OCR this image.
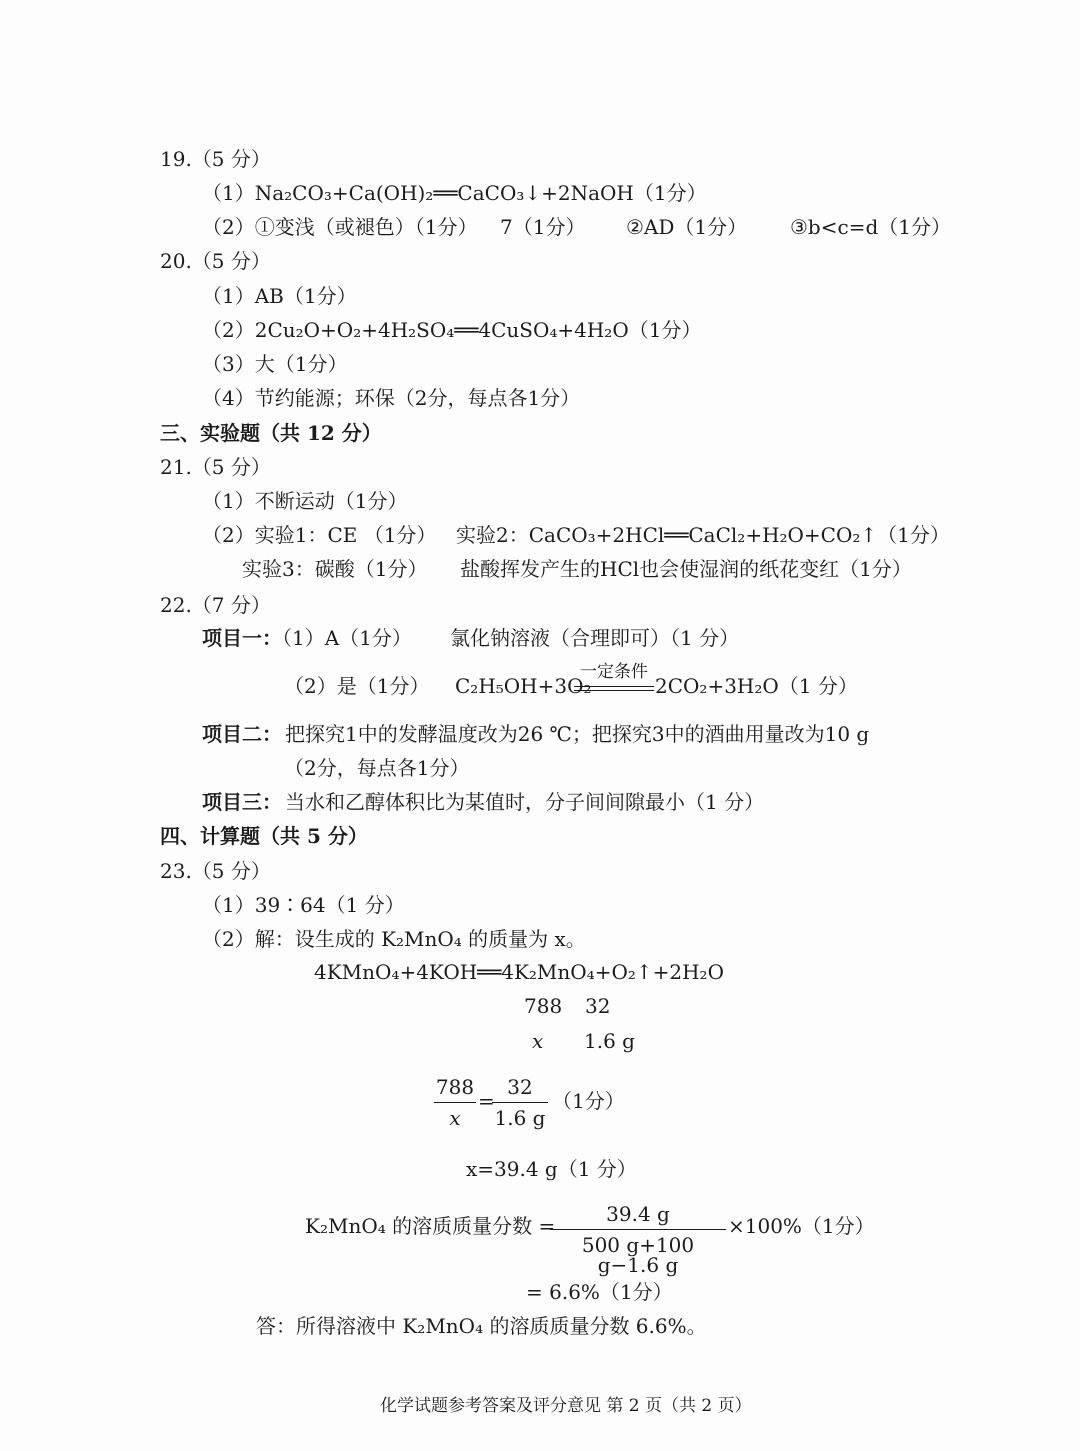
19.（5 分）
（1）Na₂CO₃+Ca(OH)₂══CaCO₃↓+2NaOH（1分）
（2）①变浅（或褪色）（1分） 7（1分） ②AD（1分） ③b<c=d（1分）
20.（5 分）
（1）AB（1分）
（2）2Cu₂O+O₂+4H₂SO₄══4CuSO₄+4H₂O（1分）
（3）大（1分）
（4）节约能源；环保（2分，每点各1分）
三、实验题（共 12 分）
21.（5 分）
（1）不断运动（1分）
（2）实验1：CE （1分） 实验2：CaCO₃+2HCl══CaCl₂+H₂O+CO₂↑（1分）
实验3：碳酸（1分） 盐酸挥发产生的HCl也会使湿润的纸花变红（1分）
22.（7 分）
项目一：
（1）A（1分） 氯化钠溶液（合理即可）（1 分）
（2）是（1分） C₂H₅OH+3O₂
一定条件
2CO₂+3H₂O（1 分）
项目二： 把探究1中的发酵温度改为26 ℃；把探究3中的酒曲用量改为10 g
（2分，每点各1分）
项目三： 当水和乙醇体积比为某值时，分子间间隙最小（1 分）
四、计算题（共 5 分）
23.（5 分）
（1）39∶64（1 分）
（2）解：设生成的 K₂MnO₄ 的质量为 x。
4KMnO₄+4KOH══4K₂MnO₄+O₂↑+2H₂O
788 32
x 1.6 g
788
x
=
32
1.6 g
（1分）
x=39.4 g（1 分）
K₂MnO₄ 的溶质质量分数 =	39.4 g
500 g+100 g−1.6 g
×100%（1分）
= 6.6%（1分）
答：所得溶液中 K₂MnO₄ 的溶质质量分数 6.6%。
化学试题参考答案及评分意见 第 2 页（共 2 页）
